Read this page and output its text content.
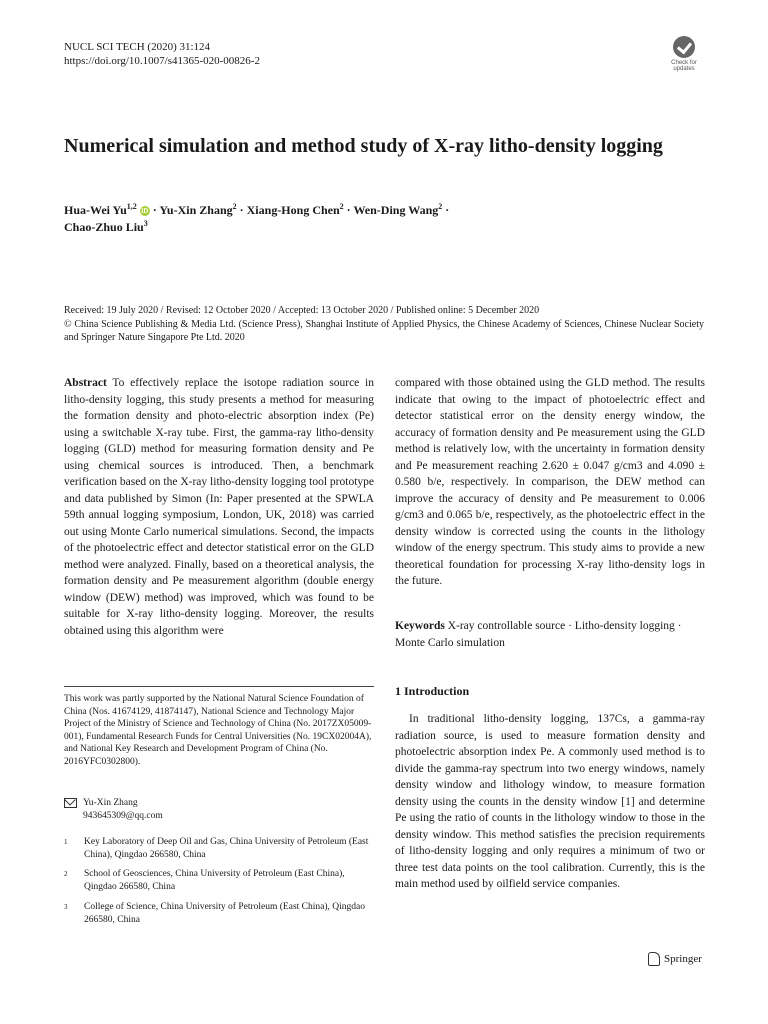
NUCL SCI TECH (2020) 31:124
https://doi.org/10.1007/s41365-020-00826-2	Check for updates
Numerical simulation and method study of X-ray litho-density logging
Hua-Wei Yu$^{1,2}$ iD · Yu-Xin Zhang$^2$ · Xiang-Hong Chen$^2$ · Wen-Ding Wang$^2$ ·
Chao-Zhuo Liu$^3$
Received: 19 July 2020 / Revised: 12 October 2020 / Accepted: 13 October 2020 / Published online: 5 December 2020
© China Science Publishing & Media Ltd. (Science Press), Shanghai Institute of Applied Physics, the Chinese Academy of Sciences, Chinese Nuclear Society and Springer Nature Singapore Pte Ltd. 2020
Abstract To effectively replace the isotope radiation source in litho-density logging, this study presents a method for measuring the formation density and photo-electric absorption index (Pe) using a switchable X-ray tube. First, the gamma-ray litho-density logging (GLD) method for measuring formation density and Pe using chemical sources is introduced. Then, a benchmark verification based on the X-ray litho-density logging tool prototype and data published by Simon (In: Paper presented at the SPWLA 59th annual logging symposium, London, UK, 2018) was carried out using Monte Carlo numerical simulations. Second, the impacts of the photoelectric effect and detector statistical error on the GLD method were analyzed. Finally, based on a theoretical analysis, the formation density and Pe measurement algorithm (double energy window (DEW) method) was improved, which was found to be suitable for X-ray litho-density logging. Moreover, the results obtained using this algorithm were
compared with those obtained using the GLD method. The results indicate that owing to the impact of photoelectric effect and detector statistical error on the density energy window, the accuracy of formation density and Pe measurement using the GLD method is relatively low, with the uncertainty in formation density and Pe measurement reaching 2.620 ± 0.047 g/cm3 and 4.090 ± 0.580 b/e, respectively. In comparison, the DEW method can improve the accuracy of density and Pe measurement to 0.006 g/cm3 and 0.065 b/e, respectively, as the photoelectric effect in the density window is corrected using the counts in the lithology window of the energy spectrum. This study aims to provide a new theoretical foundation for processing X-ray litho-density logs in the future.
Keywords X-ray controllable source · Litho-density logging · Monte Carlo simulation
This work was partly supported by the National Natural Science Foundation of China (Nos. 41674129, 41874147), National Science and Technology Major Project of the Ministry of Science and Technology of China (No. 2017ZX05009-001), Fundamental Research Funds for Central Universities (No. 19CX02004A), and National Key Research and Development Program of China (No. 2016YFC0302800).
Yu-Xin Zhang
943645309@qq.com
1 Key Laboratory of Deep Oil and Gas, China University of Petroleum (East China), Qingdao 266580, China
2 School of Geosciences, China University of Petroleum (East China), Qingdao 266580, China
3 College of Science, China University of Petroleum (East China), Qingdao 266580, China
1 Introduction
In traditional litho-density logging, 137Cs, a gamma-ray radiation source, is used to measure formation density and photoelectric absorption index Pe. A commonly used method is to divide the gamma-ray spectrum into two energy windows, namely density window and lithology window, to measure formation density using the counts in the density window [1] and determine Pe using the ratio of counts in the lithology window to those in the density window. This method satisfies the precision requirements of litho-density logging and only requires a minimum of two or three test data points on the tool calibration. Currently, this is the main method used by oilfield service companies.
Springer
